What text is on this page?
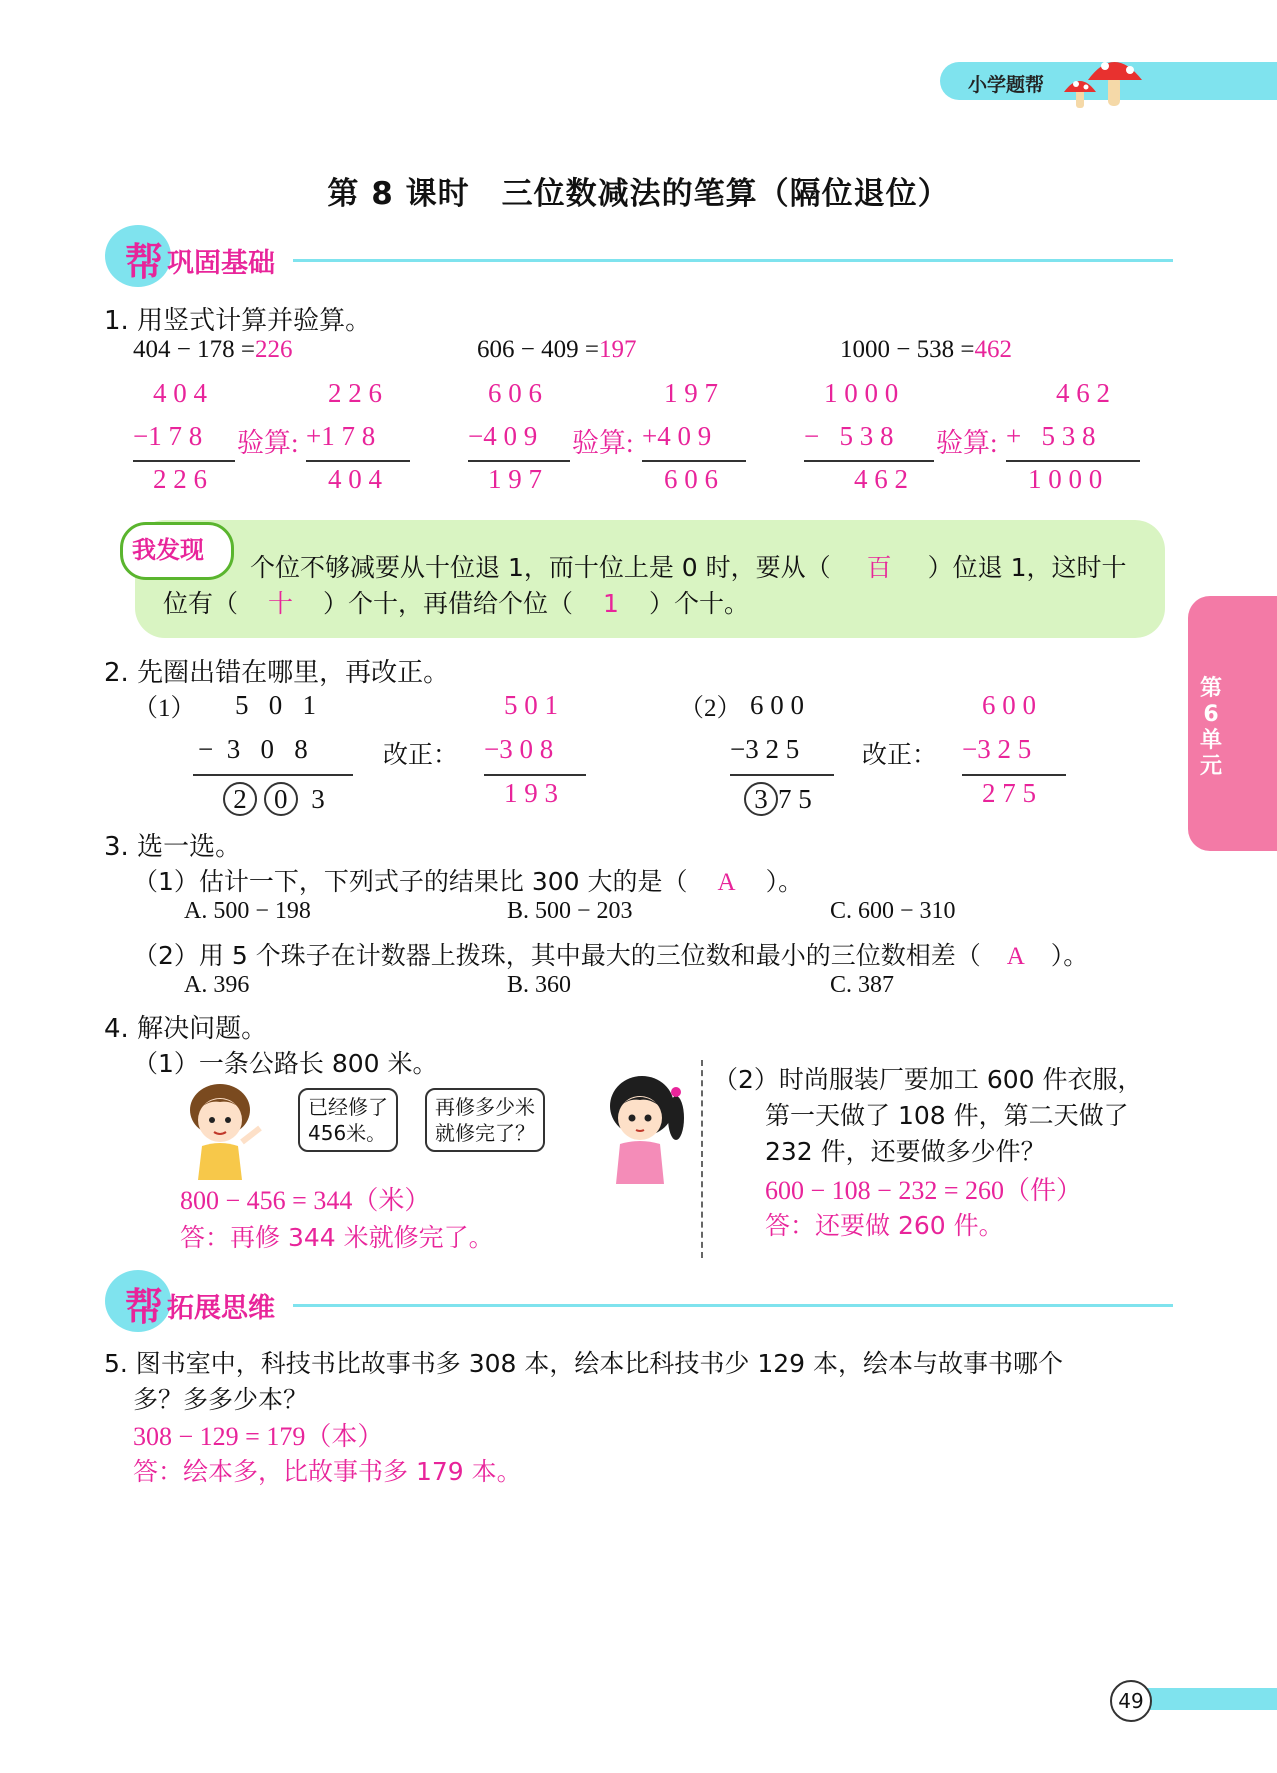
小学题帮
第 8 课时　三位数减法的笔算（隔位退位）
帮 巩固基础
1. 用竖式计算并验算。
404 − 178 =226	606 − 409 =197	1000 − 538 =462
4 0 4
−1 7 8 验算:
2 2 6
2 2 6
+1 7 8
4 0 4
6 0 6
−4 0 9 验算:
1 9 7
1 9 7
+4 0 9
6 0 6
1 0 0 0
−   5 3 8 验算:
4 6 2
4 6 2
+   5 3 8
1 0 0 0
我发现
个位不够减要从十位退 1，而十位上是 0 时，要从（ 百 ）位退 1，这时十
位有（ 十 ）个十，再借给个位（ 1 ）个十。
第6单元
2. 先圈出错在哪里，再改正。
（1） 5   0   1
−  3   0   8
2 0 3
改正：
5 0 1
−3 0 8
1 9 3
（2） 6 0 0
−3 2 5
3 7 5
改正：
6 0 0
−3 2 5
2 7 5
3. 选一选。
（1）估计一下，下列式子的结果比 300 大的是（ A ）。
A. 500 − 198	B. 500 − 203	C. 600 − 310
（2）用 5 个珠子在计数器上拨珠，其中最大的三位数和最小的三位数相差（ A ）。
A. 396	B. 360	C. 387
4. 解决问题。
（1）一条公路长 800 米。
已经修了
456米。
再修多少米
就修完了？
800 − 456 = 344（米）
答：再修 344 米就修完了。
（2）时尚服装厂要加工 600 件衣服，
第一天做了 108 件，第二天做了
232 件，还要做多少件？
600 − 108 − 232 = 260（件）
答：还要做 260 件。
帮 拓展思维
5. 图书室中，科技书比故事书多 308 本，绘本比科技书少 129 本，绘本与故事书哪个
多？多多少本？
308 − 129 = 179（本）
答：绘本多，比故事书多 179 本。
49
